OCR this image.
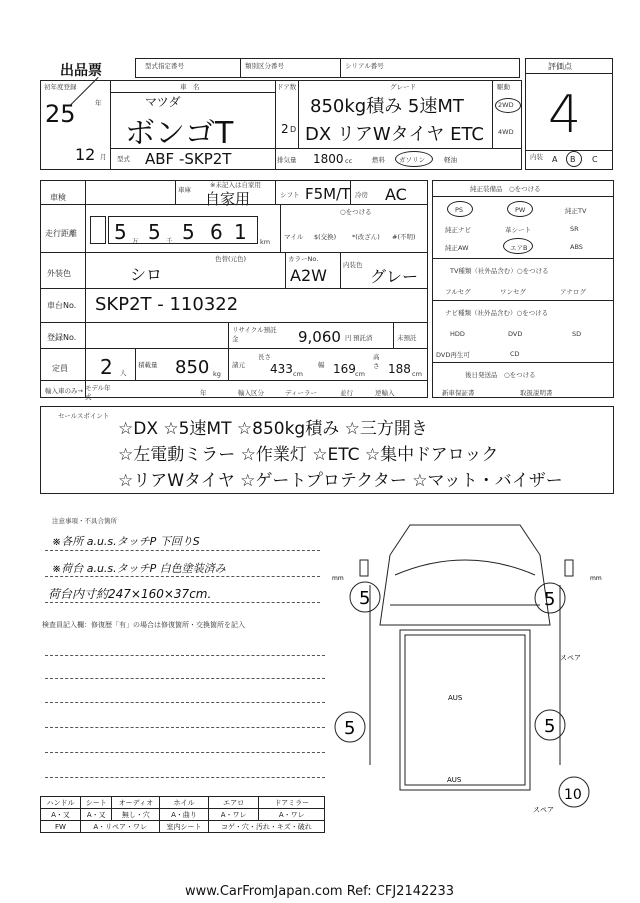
出品票	型式指定番号	類別区分番号	シリアル番号	評価点
4
内装 A B C
初年度登録
25	年
12 月
車　名
マツダ
ボンゴT
型式 ABF -SKP2T
ドア数
2 D
グレード
850kg積み 5速MT
DX リアWタイヤ ETC
駆動
2WD
4WD
排気量 1800 cc	燃料 ガソリン	軽油
車検
車庫
※未記入は自家用
自家用	シフト F5M/T 冷房 AC
走行距離 5 万 5 千 5 6 1 km
○をつける
マイル $(交換) *(改ざん) #(不明)
外装色
色替(元色)
シロ
カラーNo.
A2W
内装色
グレー
車台No. SKP2T - 110322
登録No.
リサイクル預託金	9,060 円 預託済	未預託
定員 2 人
積載量 850 kg
諸元
長さ
433 cm
幅 169 cm
高さ 188 cm
輸入車のみ→ モデル年式	年	輸入区分	ディーラー	並行	逆輸入
純正装備品　○をつける
PS	PW	純正TV
純正ナビ	革シート	SR
純正AW	エアB	ABS
TV種類（社外品含む）○をつける
フルセグ	ワンセグ	アナログ
ナビ種類（社外品含む）○をつける
HDD	DVD	SD
DVD再生可	CD
後日発送品　○をつける
新車保証書	取扱説明書
セールスポイント
☆DX ☆5速MT ☆850kg積み ☆三方開き
☆左電動ミラー ☆作業灯 ☆ETC ☆集中ドアロック
☆リアWタイヤ ☆ゲートプロテクター ☆マット・バイザー
注意事項・不具合箇所
※各所 a.u.s.タッチP 下回りS
※荷台 a.u.s.タッチP 白色塗装済み
荷台内寸約247×160×37cm.
検査員記入欄：修復歴「有」の場合は修復箇所・交換箇所を記入
5	5
5	5
10
スペア
スペア
mm	mm
AUS
AUS
ハンドル	シート	オーディオ	ホイル	エアロ	ドアミラー
A・又	A・又	無し・穴	A・曲り	A・ワレ	A・ワレ
FW	A・リペア・ワレ		室内シート	コゲ・穴・汚れ・キズ・破れ	
www.CarFromJapan.com Ref: CFJ2142233
